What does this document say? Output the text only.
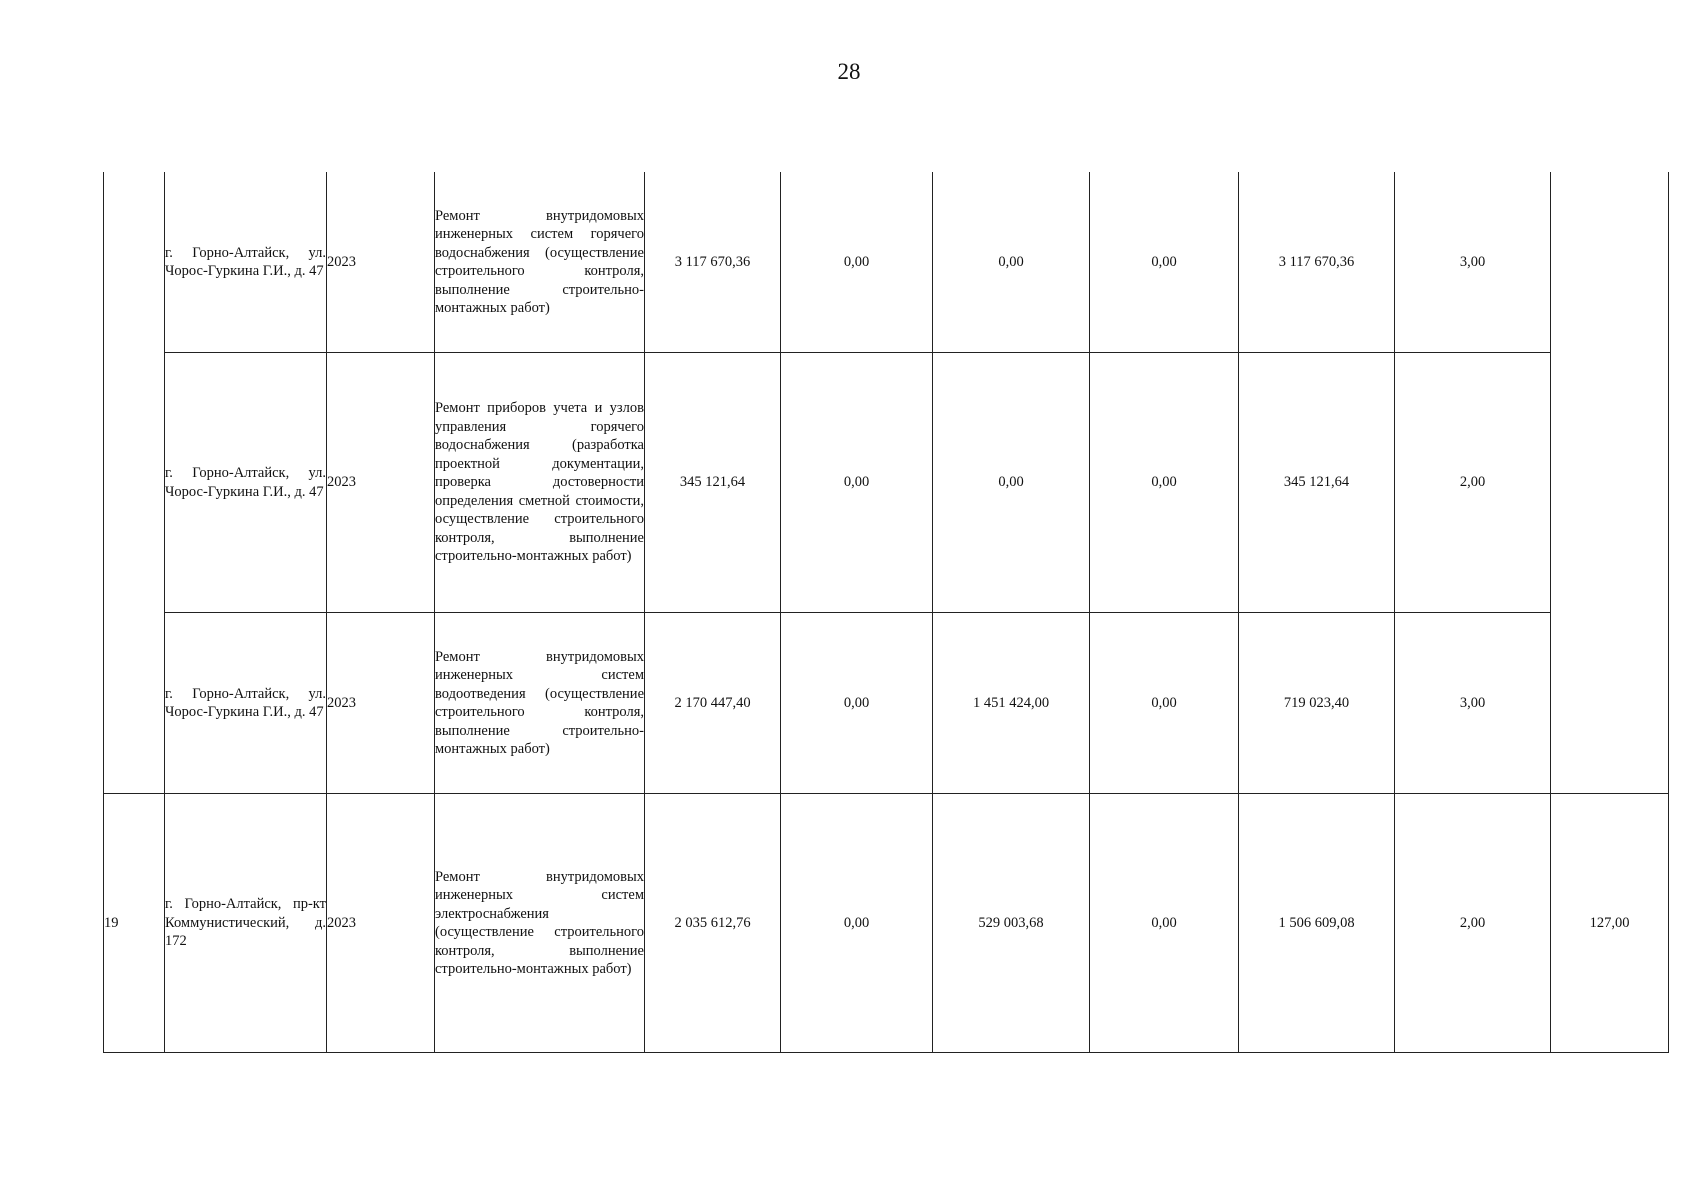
28
	г. Горно-Алтайск, ул. Чорос-Гуркина Г.И., д. 47	2023	Ремонт внутридомовых инженерных систем горячего водоснабжения (осуществление строительного контроля, выполнение строительно-монтажных работ)	3 117 670,36	0,00	0,00	0,00	3 117 670,36	3,00	
	г. Горно-Алтайск, ул. Чорос-Гуркина Г.И., д. 47	2023	Ремонт приборов учета и узлов управления горячего водоснабжения (разработка проектной документации, проверка достоверности определения сметной стоимости, осуществление строительного контроля, выполнение строительно-монтажных работ)	345 121,64	0,00	0,00	0,00	345 121,64	2,00	
	г. Горно-Алтайск, ул. Чорос-Гуркина Г.И., д. 47	2023	Ремонт внутридомовых инженерных систем водоотведения (осуществление строительного контроля, выполнение строительно-монтажных работ)	2 170 447,40	0,00	1 451 424,00	0,00	719 023,40	3,00	
19	г. Горно-Алтайск, пр-кт Коммунистический, д. 172	2023	Ремонт внутридомовых инженерных систем электроснабжения (осуществление строительного контроля, выполнение строительно-монтажных работ)	2 035 612,76	0,00	529 003,68	0,00	1 506 609,08	2,00	127,00
